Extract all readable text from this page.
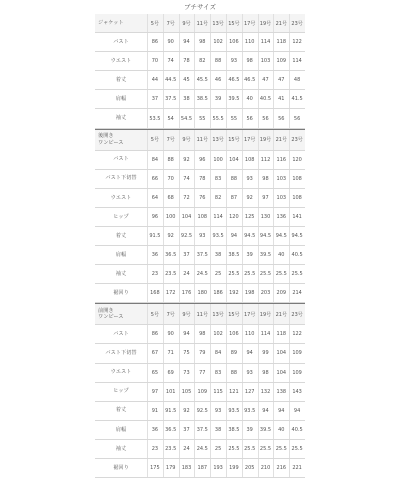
ブチサイズ
ジャケット	5号	7号	9号	11号 13号 15号 17号 19号 21号 23号
バスト	86	90	94	98	102	106	110	114	118	122
ウエスト	70	74	78	82	88	93	98	103	109	114
着丈	44	44.5	45	45.5	46	46.5 46.5	47	47	48
肩幅	37	37.5	38	38.5	39	39.5	40	40.5	41	41.5
袖丈	53.5	54	54.5	55	55.5	55	56	56	56	56
後開き
ワンピース	5号	7号	9号	11号 13号 15号 17号 19号 21号 23号
バスト	84	88	92	96	100	104	108	112	116	120
バスト下切替	66	70	74	78	83	88	93	98	103	108
ウエスト	64	68	72	76	82	87	92	97	103	108
ヒップ	96	100	104	108	114	120	125	130	136	141
着丈	91.5	92	92.5	93	93.5	94	94.5 94.5 94.5 94.5
肩幅	36	36.5	37	37.5	38	38.5	39	39.5	40	40.5
袖丈	23	23.5	24	24.5	25	25.5 25.5 25.5 25.5 25.5
裾回り	168	172	176	180	186	192	198	203	209	214
前開き
ワンピース	5号	7号	9号	11号 13号 15号 17号 19号 21号 23号
バスト	86	90	94	98	102	106	110	114	118	122
バスト下切替	67	71	75	79	84	89	94	99	104	109
ウエスト	65	69	73	77	83	88	93	98	104	109
ヒップ	97	101	105	109	115	121	127	132	138	143
着丈	91	91.5	92	92.5	93	93.5 93.5	94	94	94
肩幅	36	36.5	37	37.5	38	38.5	39	39.5	40	40.5
袖丈	23	23.5	24	24.5	25	25.5 25.5 25.5 25.5 25.5
裾回り	175	179	183	187	193	199	205	210	216	221
